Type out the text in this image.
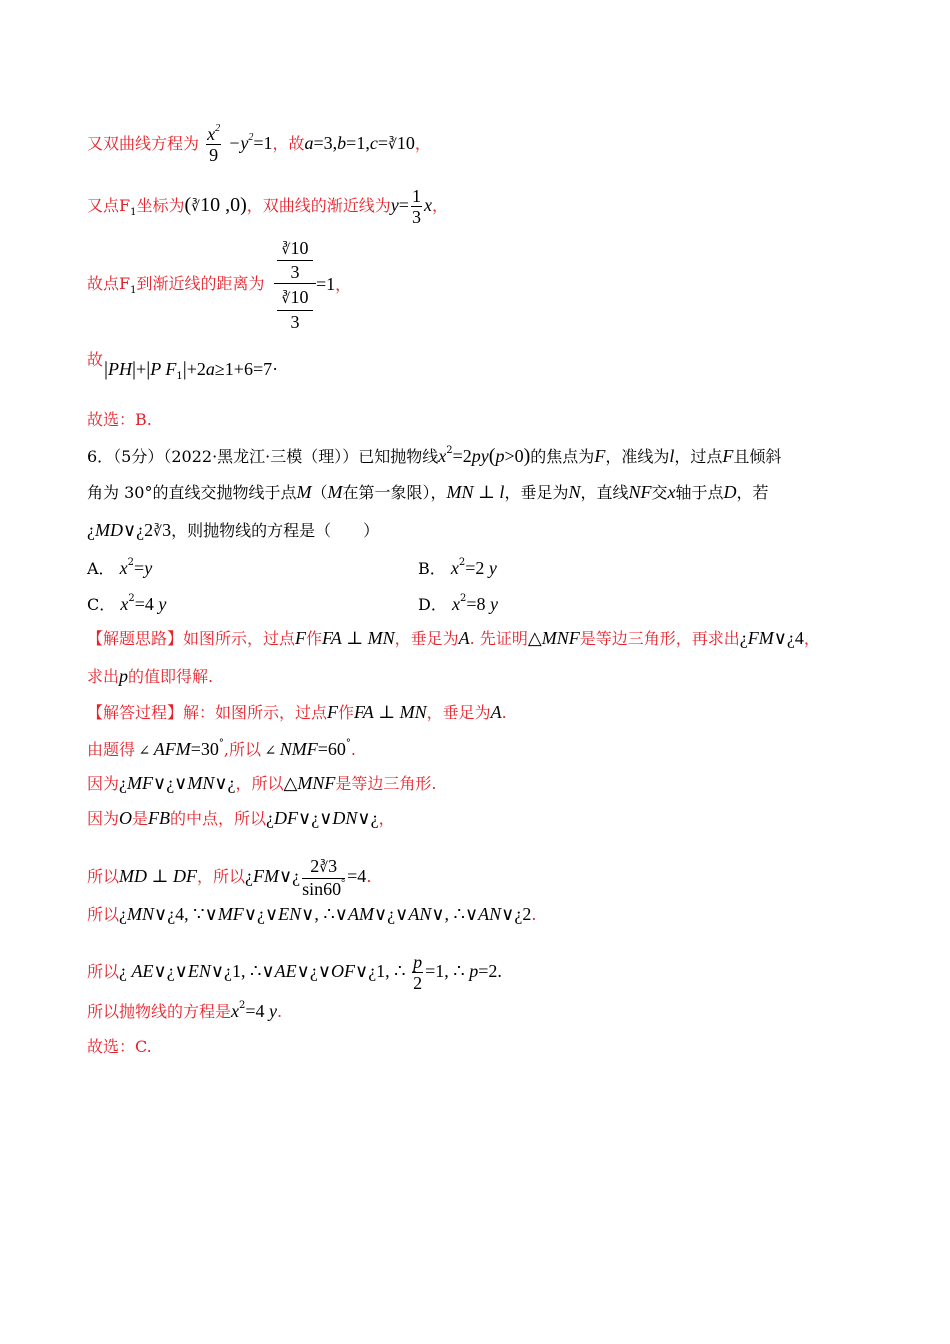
又双曲线方程为 $\frac{x^2}{9} -y^2=1$，故a=3,b=1,c=∛10，
又点$F_1$坐标为(∛10 ,0)，双曲线的渐近线为$y= \frac{1}{3}$ x，
故点$F_1$到渐近线的距离为
∛10
3
∛10
3
=1，
故 |PH|+|P $F_1|+2a\ge 1+6=7\cdot$
故选：B.
6．（5分）（2022·黑龙江·三模（理））已知抛物线$x^2=2py(p>0)$的焦点为F，准线为l，过点F且倾斜
角为 30°的直线交抛物线于点M（M在第一象限），MN ⊥ l，垂足为N，直线NF交x轴于点D，若
¿MD∨¿2∛3，则抛物线的方程是（　　）
A． $x^2=y$	B． $x^2=2$ y
C． $x^2=4$ y	D． $x^2=8$ y
【解题思路】如图所示，过点F作FA ⊥ MN，垂足为A. 先证明△MNF是等边三角形，再求出¿FM∨¿4，
求出p的值即得解.
【解答过程】解：如图所示，过点F作FA ⊥ MN，垂足为A.
由题得 ∠ AFM=30°,所以 ∠ NMF=60°.
因为¿MF∨¿∨MN∨¿，所以△MNF是等边三角形.
因为O是FB的中点，所以¿DF∨¿∨DN∨¿，
所以MD ⊥ DF，所以¿FM∨¿ $\frac{2∛3}{\sin 60^\circ} =4$.
所以¿MN∨¿4, ∵∨MF∨¿∨EN∨, ∴∨AM∨¿∨AN∨, ∴∨AN∨¿2.
所以¿ AE∨¿∨EN∨¿1, ∴∨AE∨¿∨OF∨¿1, ∴ $\frac{p}{2} =1$, ∴ p=2.
所以抛物线的方程是$x^2=4$ y.
故选：C.
